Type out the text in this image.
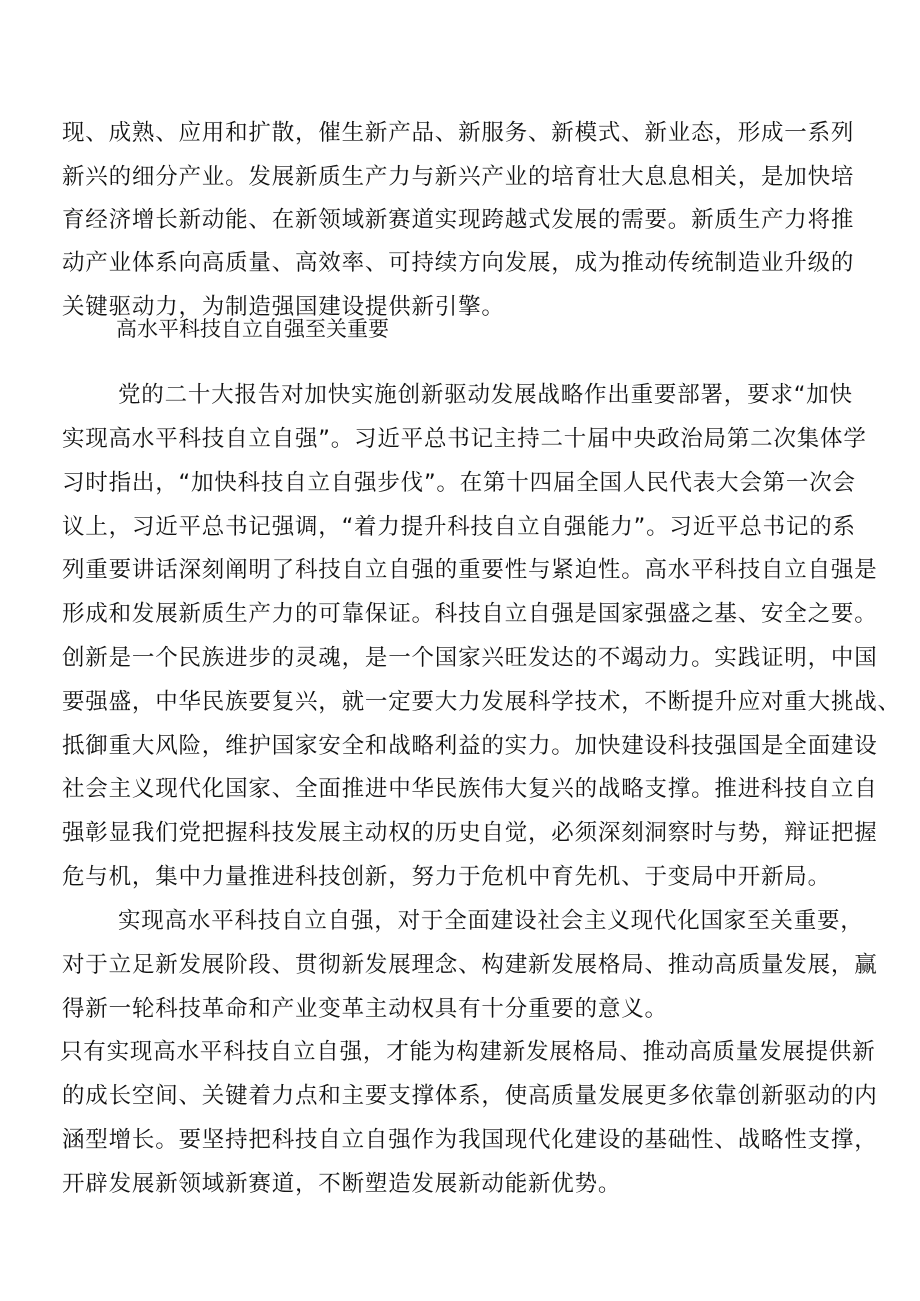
现、成熟、应用和扩散，催生新产品、新服务、新模式、新业态，形成一系列

新兴的细分产业。发展新质生产力与新兴产业的培育壮大息息相关，是加快培

育经济增长新动能、在新领域新赛道实现跨越式发展的需要。新质生产力将推

动产业体系向高质量、高效率、可持续方向发展，成为推动传统制造业升级的

关键驱动力，为制造强国建设提供新引擎。

高水平科技自立自强至关重要

党的二十大报告对加快实施创新驱动发展战略作出重要部署，要求“加快

实现高水平科技自立自强”。习近平总书记主持二十届中央政治局第二次集体学

习时指出，“加快科技自立自强步伐”。在第十四届全国人民代表大会第一次会

议上，习近平总书记强调，“着力提升科技自立自强能力”。习近平总书记的系

列重要讲话深刻阐明了科技自立自强的重要性与紧迫性。高水平科技自立自强是

形成和发展新质生产力的可靠保证。科技自立自强是国家强盛之基、安全之要。

创新是一个民族进步的灵魂，是一个国家兴旺发达的不竭动力。实践证明，中国

要强盛，中华民族要复兴，就一定要大力发展科学技术，不断提升应对重大挑战、

抵御重大风险，维护国家安全和战略利益的实力。加快建设科技强国是全面建设

社会主义现代化国家、全面推进中华民族伟大复兴的战略支撑。推进科技自立自

强彰显我们党把握科技发展主动权的历史自觉，必须深刻洞察时与势，辩证把握

危与机，集中力量推进科技创新，努力于危机中育先机、于变局中开新局。

实现高水平科技自立自强，对于全面建设社会主义现代化国家至关重要，

对于立足新发展阶段、贯彻新发展理念、构建新发展格局、推动高质量发展，赢

得新一轮科技革命和产业变革主动权具有十分重要的意义。

只有实现高水平科技自立自强，才能为构建新发展格局、推动高质量发展提供新

的成长空间、关键着力点和主要支撑体系，使高质量发展更多依靠创新驱动的内

涵型增长。要坚持把科技自立自强作为我国现代化建设的基础性、战略性支撑，

开辟发展新领域新赛道，不断塑造发展新动能新优势。
